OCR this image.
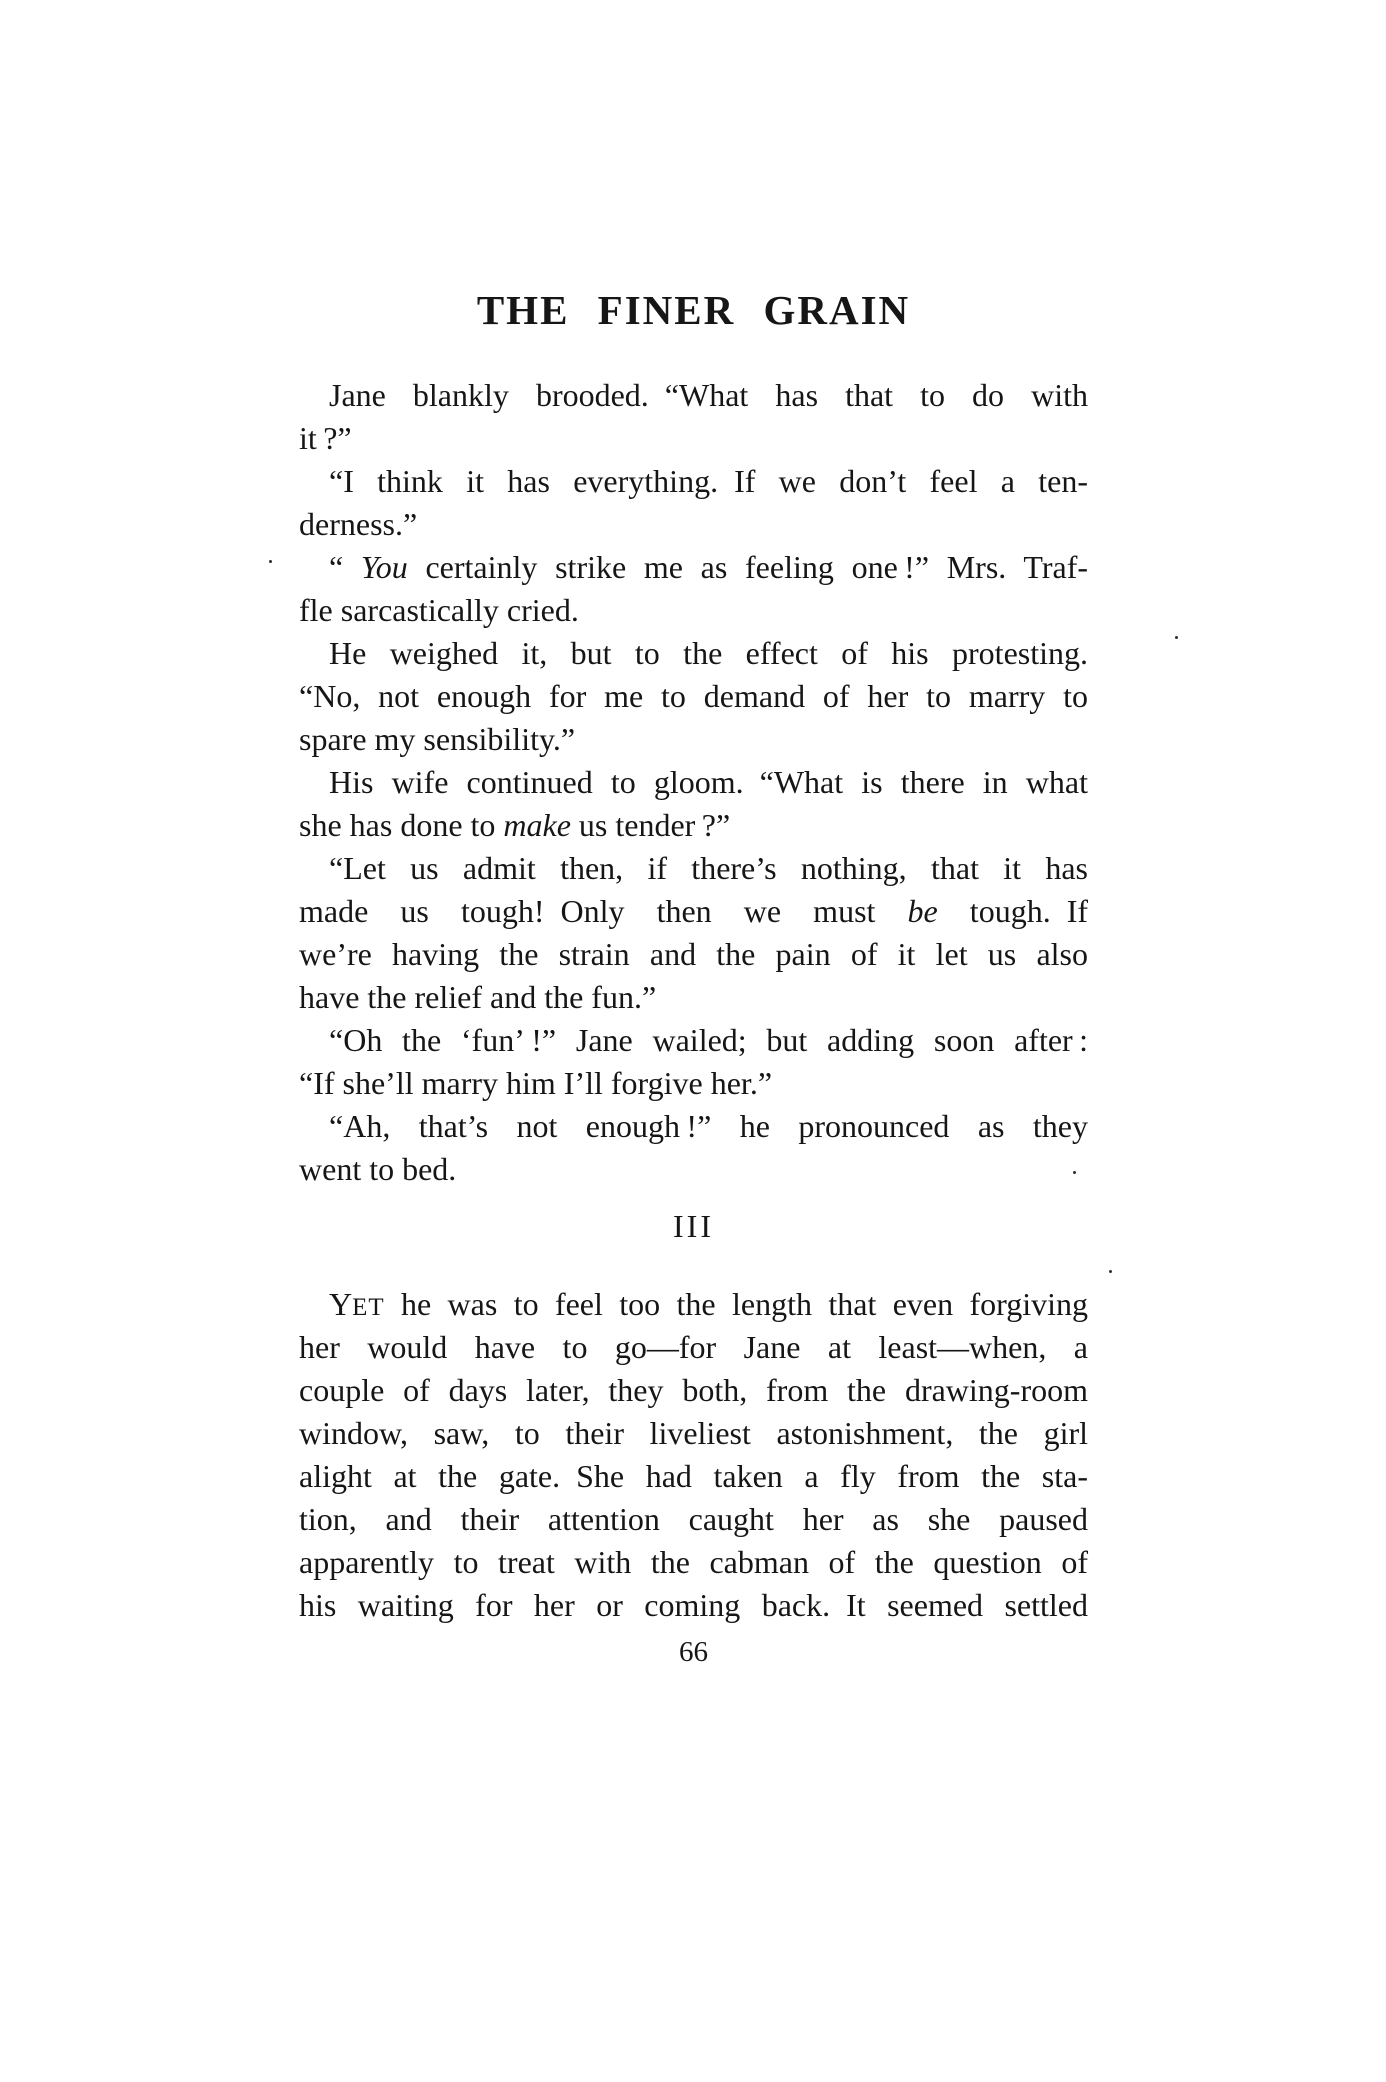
THE FINER GRAIN
Jane blankly brooded. “What has that to do with
it ?”
“I think it has everything. If we don’t feel a ten-
derness.”
“ You certainly strike me as feeling one !” Mrs. Traf-
fle sarcastically cried.
He weighed it, but to the effect of his protesting.
“No, not enough for me to demand of her to marry to
spare my sensibility.”
His wife continued to gloom. “What is there in what
she has done to make us tender ?”
“Let us admit then, if there’s nothing, that it has
made us tough! Only then we must be tough. If
we’re having the strain and the pain of it let us also
have the relief and the fun.”
“Oh the ‘fun’ !” Jane wailed; but adding soon after :
“If she’ll marry him I’ll forgive her.”
“Ah, that’s not enough !” he pronounced as they
went to bed.
III
YET he was to feel too the length that even forgiving
her would have to go—for Jane at least—when, a
couple of days later, they both, from the drawing-room
window, saw, to their liveliest astonishment, the girl
alight at the gate. She had taken a fly from the sta-
tion, and their attention caught her as she paused
apparently to treat with the cabman of the question of
his waiting for her or coming back. It seemed settled
66
